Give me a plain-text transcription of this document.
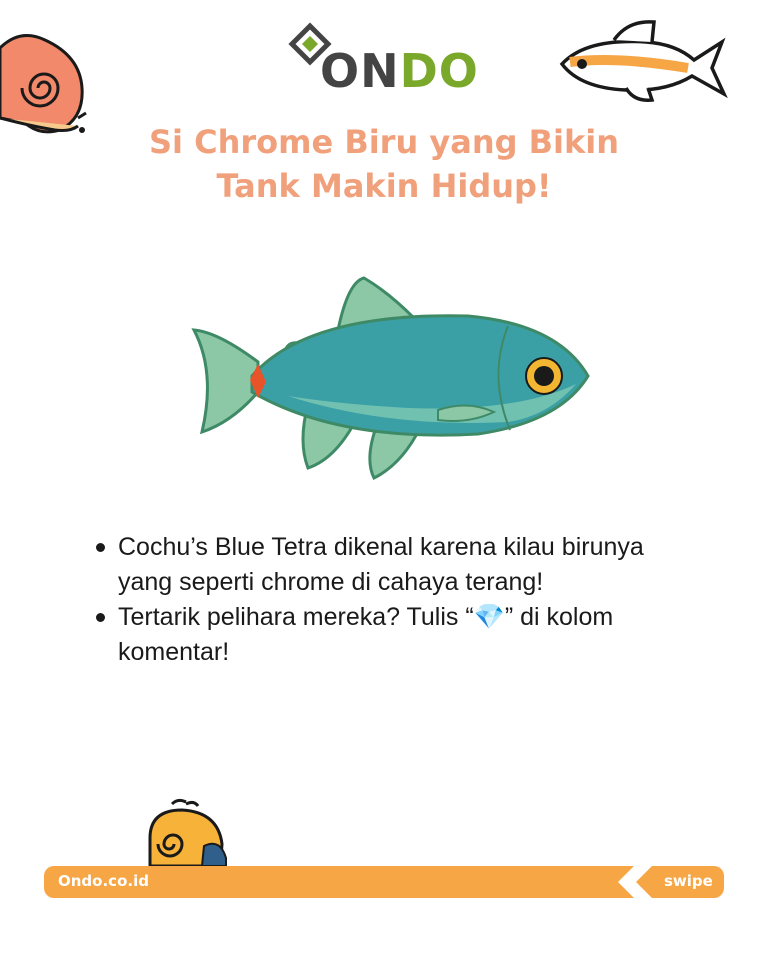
ONDO
Si Chrome Biru yang Bikin
Tank Makin Hidup!
Cochu’s Blue Tetra dikenal karena kilau birunya yang seperti chrome di cahaya terang!
Tertarik pelihara mereka? Tulis “💎” di kolom komentar!
Ondo.co.id	swipe
